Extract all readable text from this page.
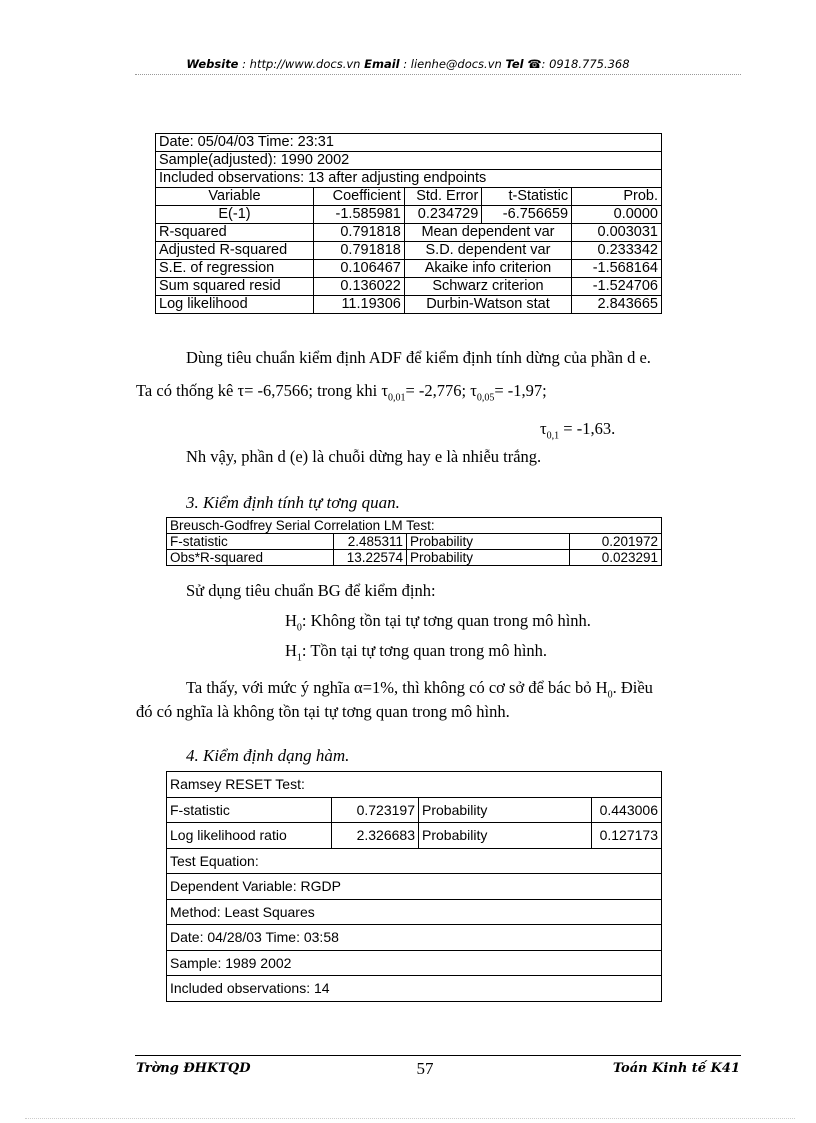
Website : http://www.docs.vn Email : lienhe@docs.vn Tel ☎: 0918.775.368
Date: 05/04/03 Time: 23:31				
Sample(adjusted): 1990 2002				
Included observations: 13 after adjusting endpoints				
Variable	Coefficient	Std. Error	t-Statistic	Prob.
E(-1)	-1.585981	0.234729	-6.756659	0.0000
R-squared	0.791818	Mean dependent var		0.003031
Adjusted R-squared	0.791818	S.D. dependent var		0.233342
S.E. of regression	0.106467	Akaike info criterion		-1.568164
Sum squared resid	0.136022	Schwarz criterion		-1.524706
Log likelihood	11.19306	Durbin-Watson stat		2.843665
Dùng tiêu chuẩn kiểm định ADF để kiểm định tính dừng của phần d e.
Ta có thống kê τ= -6,7566; trong khi $\tau_{0,01}= -2,776$; $\tau_{0,05}= -1,97$;
$\tau_{0,1} = -1,63$.
Nh vậy, phần d (e) là chuỗi dừng hay e là nhiễu trắng.
3. Kiểm định tính tự tơng quan.
Breusch-Godfrey Serial Correlation LM Test:			
F-statistic	2.485311	Probability	0.201972
Obs*R-squared	13.22574	Probability	0.023291
Sử dụng tiêu chuẩn BG để kiểm định:
$H_0$: Không tồn tại tự tơng quan trong mô hình.
$H_1$: Tồn tại tự tơng quan trong mô hình.
Ta thấy, với mức ý nghĩa α=1%, thì không có cơ sở để bác bỏ $H_0$. Điều
đó có nghĩa là không tồn tại tự tơng quan trong mô hình.
4. Kiểm định dạng hàm.
Ramsey RESET Test:			
F-statistic	0.723197	Probability	0.443006
Log likelihood ratio	2.326683	Probability	0.127173
Test Equation:			
Dependent Variable: RGDP			
Method: Least Squares			
Date: 04/28/03 Time: 03:58			
Sample: 1989 2002			
Included observations: 14			
Trờng ĐHKTQD	57	Toán Kinh tế K41
